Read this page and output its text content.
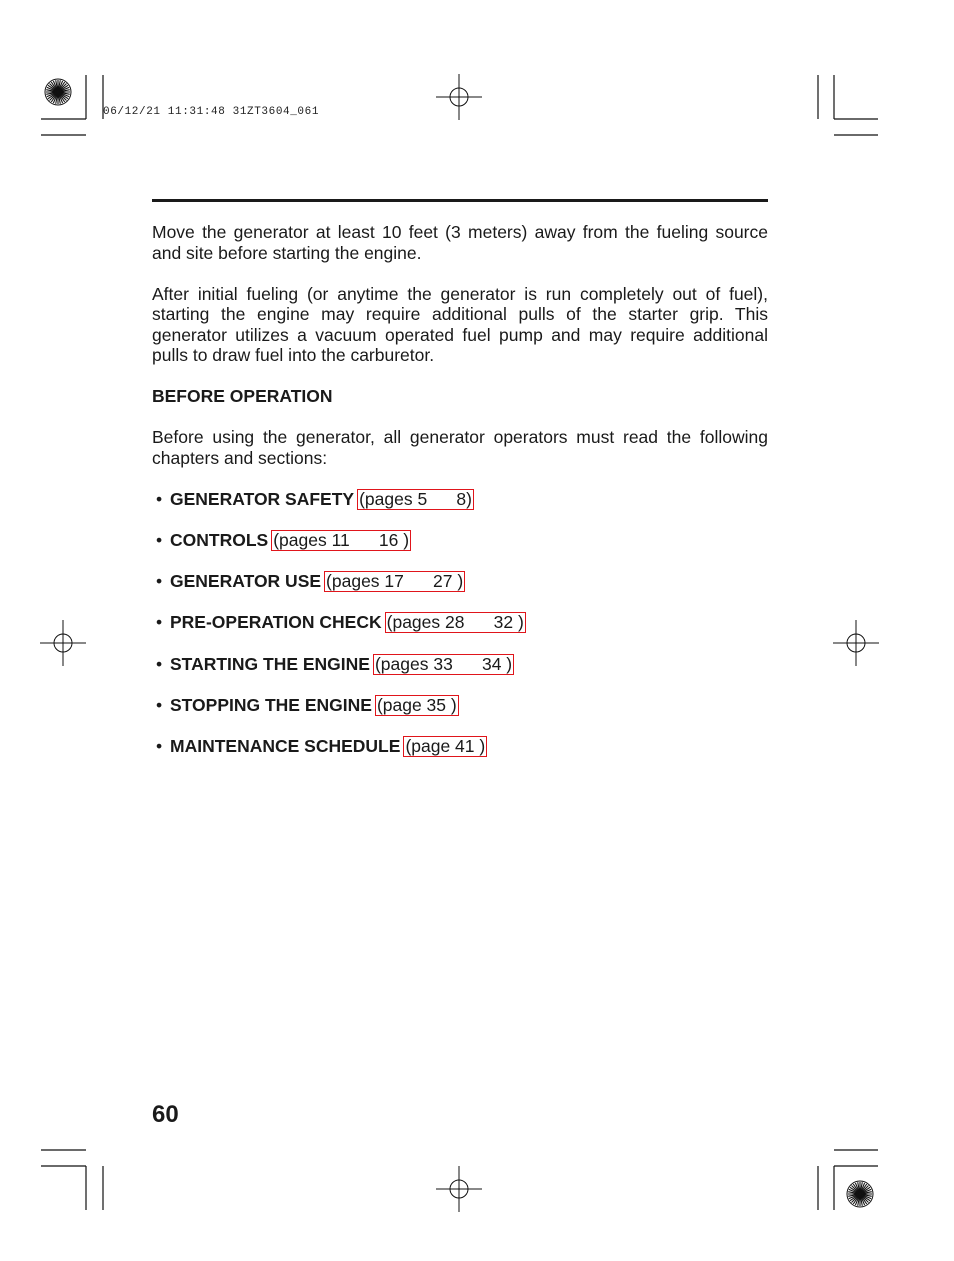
06/12/21 11:31:48 31ZT3604_061

Move the generator at least 10 feet (3 meters) away from the fueling source and site before starting the engine.

After initial fueling (or anytime the generator is run completely out of fuel), starting the engine may require additional pulls of the starter grip. This generator utilizes a vacuum operated fuel pump and may require additional pulls to draw fuel into the carburetor.

BEFORE OPERATION

Before using the generator, all generator operators must read the following chapters and sections:

• GENERATOR SAFETY (pages 5      8)
• CONTROLS (pages 11      16 )
• GENERATOR USE (pages 17      27 )
• PRE-OPERATION CHECK (pages 28      32 )
• STARTING THE ENGINE (pages 33      34 )
• STOPPING THE ENGINE (page 35 )
• MAINTENANCE SCHEDULE (page 41 )
60
